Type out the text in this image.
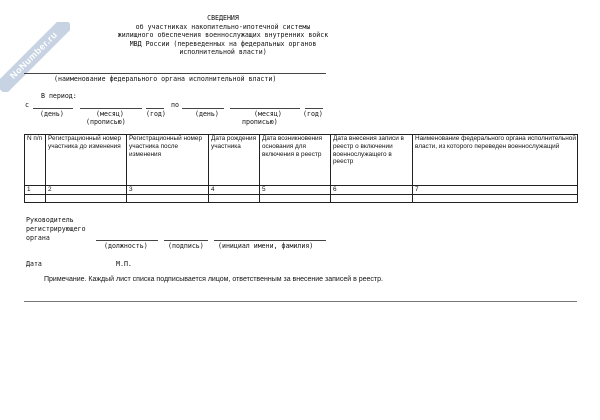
NoNumber.ru
СВЕДЕНИЯ
об участниках накопительно-ипотечной системы
жилищного обеспечения военнослужащих внутренних войск
МВД России (переведенных на федеральных органов
исполнительной власти)
(наименование федерального органа исполнительной власти)
В период:
с	по
(день)	(месяц)	(год)	(день)	(месяц)	(год)
(прописью)	прописью)
N п/п	Регистрационный номер участника до изменения	Регистрационный номер участника после изменения	Дата рождения участника	Дата возникновения основания для включения в реестр	Дата внесения записи в реестр о включении военнослужащего в реестр	Наименование федерального органа исполнительной власти, из которого переведен военнослужащий
1	2	3	4	5	6	7

Руководитель
регистрирующего
органа
(должность)	(подпись) (инициал имени, фамилия)
Дата	М.П.
Примечание. Каждый лист списка подписывается лицом, ответственным за внесение записей в реестр.
